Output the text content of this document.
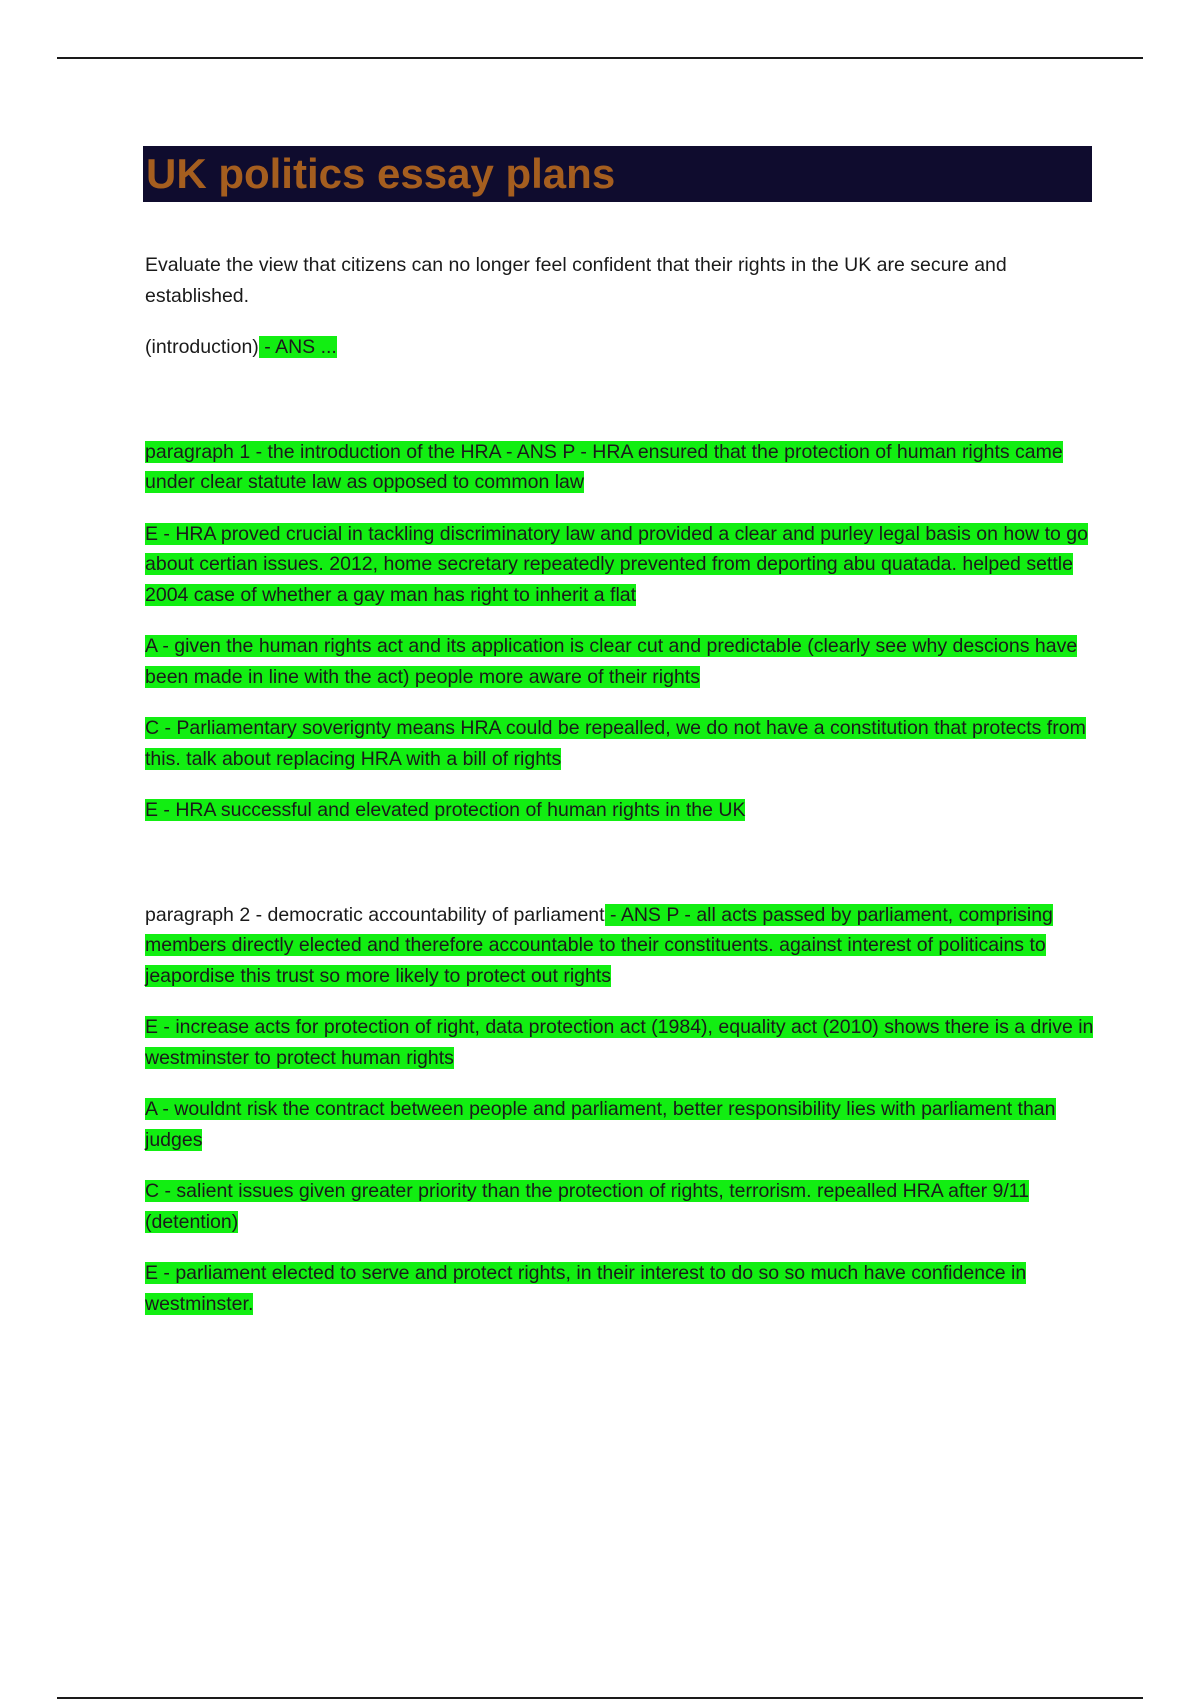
UK politics essay plans

Evaluate the view that citizens can no longer feel confident that their rights in the UK are secure and established.

(introduction) - ANS ...

paragraph 1 - the introduction of the HRA - ANS P - HRA ensured that the protection of human rights came under clear statute law as opposed to common law

E - HRA proved crucial in tackling discriminatory law and provided a clear and purley legal basis on how to go about certian issues. 2012, home secretary repeatedly prevented from deporting abu quatada. helped settle 2004 case of whether a gay man has right to inherit a flat

A - given the human rights act and its application is clear cut and predictable (clearly see why descions have been made in line with the act) people more aware of their rights

C - Parliamentary soverignty means HRA could be repealled, we do not have a constitution that protects from this. talk about replacing HRA with a bill of rights

E - HRA successful and elevated protection of human rights in the UK

paragraph 2 - democratic accountability of parliament - ANS P - all acts passed by parliament, comprising members directly elected and therefore accountable to their constituents. against interest of politicains to jeapordise this trust so more likely to protect out rights

E - increase acts for protection of right, data protection act (1984), equality act (2010) shows there is a drive in westminster to protect human rights

A - wouldnt risk the contract between people and parliament, better responsibility lies with parliament than judges

C - salient issues given greater priority than the protection of rights, terrorism. repealled HRA after 9/11 (detention)

E - parliament elected to serve and protect rights, in their interest to do so so much have confidence in westminster.
